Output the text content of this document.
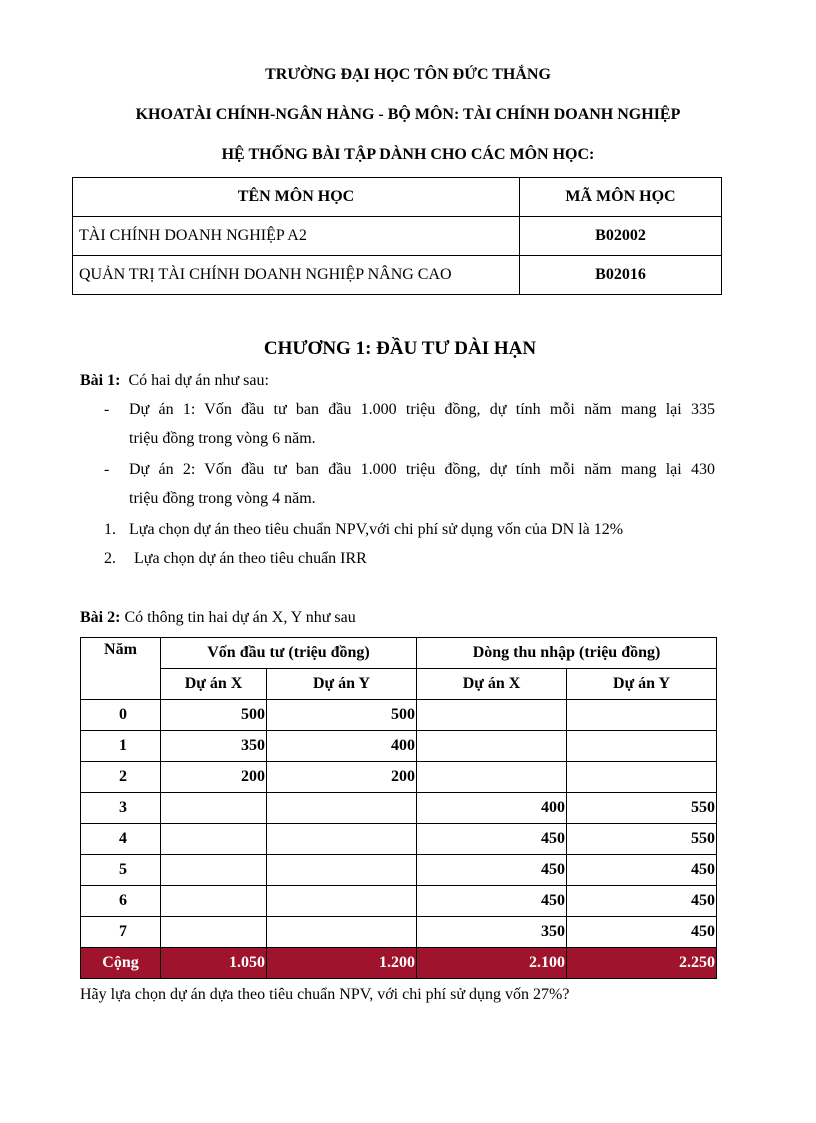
TRƯỜNG ĐẠI HỌC TÔN ĐỨC THẮNG
KHOATÀI CHÍNH-NGÂN HÀNG - BỘ MÔN: TÀI CHÍNH DOANH NGHIỆP
HỆ THỐNG BÀI TẬP DÀNH CHO CÁC MÔN HỌC:
TÊN MÔN HỌC	MÃ MÔN HỌC
TÀI CHÍNH DOANH NGHIỆP A2	B02002
QUẢN TRỊ TÀI CHÍNH DOANH NGHIỆP NÂNG CAO	B02016
CHƯƠNG 1: ĐẦU TƯ DÀI HẠN
Bài 1: Có hai dự án như sau:
- Dự án 1: Vốn đầu tư ban đầu 1.000 triệu đồng, dự tính mỗi năm mang lại 335
triệu đồng trong vòng 6 năm.
- Dự án 2: Vốn đầu tư ban đầu 1.000 triệu đồng, dự tính mỗi năm mang lại 430
triệu đồng trong vòng 4 năm.
1. Lựa chọn dự án theo tiêu chuẩn NPV,với chi phí sử dụng vốn của DN là 12%
2. Lựa chọn dự án theo tiêu chuẩn IRR
Bài 2: Có thông tin hai dự án X, Y như sau
Năm	Vốn đầu tư (triệu đồng)		Dòng thu nhập (triệu đồng)	
	Dự án X	Dự án Y	Dự án X	Dự án Y
0	500	500		
1	350	400		
2	200	200		
3			400	550
4			450	550
5			450	450
6			450	450
7			350	450
Cộng	1.050	1.200	2.100	2.250
Hãy lựa chọn dự án dựa theo tiêu chuẩn NPV, với chi phí sử dụng vốn 27%?
